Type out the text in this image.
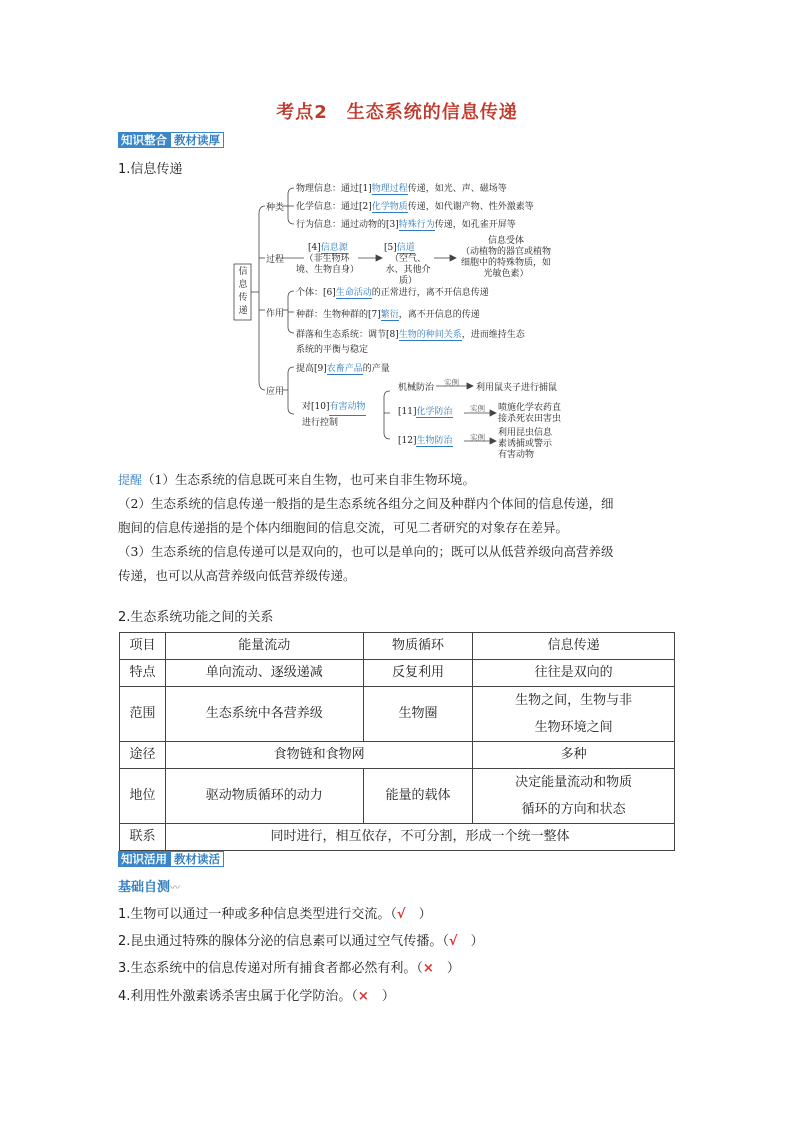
考点2　生态系统的信息传递
知识整合 教材读厚
1.信息传递
信
息
传
递
种类
物理信息：通过[1]物理过程传递，如光、声、磁场等
化学信息：通过[2]化学物质传递，如代谢产物、性外激素等
行为信息：通过动物的[3]特殊行为传递，如孔雀开屏等
过程
[4]信息源
（非生物环境、生物自身）
[5]信道
（空气、水、其他介质）
信息受体
（动植物的器官或植物细胞中的特殊物质，如光敏色素）
作用
个体：[6]生命活动的正常进行，离不开信息传递
种群：生物种群的[7]繁衍，离不开信息的传递
群落和生态系统：调节[8]生物的种间关系，进而维持生态
系统的平衡与稳定
应用
提高[9]农畜产品的产量
对[10]有害动物
进行控制
机械防治
实例
利用鼠夹子进行捕鼠
[11]化学防治 实例 喷施化学农药直接杀死农田害虫
[12]生物防治 实例 利用昆虫信息素诱捕或警示有害动物
提醒（1）生态系统的信息既可来自生物，也可来自非生物环境。
（2）生态系统的信息传递一般指的是生态系统各组分之间及种群内个体间的信息传递，细
胞间的信息传递指的是个体内细胞间的信息交流，可见二者研究的对象存在差异。
（3）生态系统的信息传递可以是双向的，也可以是单向的；既可以从低营养级向高营养级
传递，也可以从高营养级向低营养级传递。
2.生态系统功能之间的关系
项目	能量流动	物质循环	信息传递
特点	单向流动、逐级递减	反复利用	往往是双向的
范围	生态系统中各营养级	生物圈	生物之间，生物与非
生物环境之间

途径	食物链和食物网		多种
地位	驱动物质循环的动力	能量的载体	决定能量流动和物质
循环的方向和状态

联系	同时进行，相互依存，不可分割，形成一个统一整体		
知识活用 教材读活
基础自测〰
1.生物可以通过一种或多种信息类型进行交流。（√　 ）
2.昆虫通过特殊的腺体分泌的信息素可以通过空气传播。（√　 ）
3.生态系统中的信息传递对所有捕食者都必然有利。（×　 ）
4.利用性外激素诱杀害虫属于化学防治。（×　 ）
